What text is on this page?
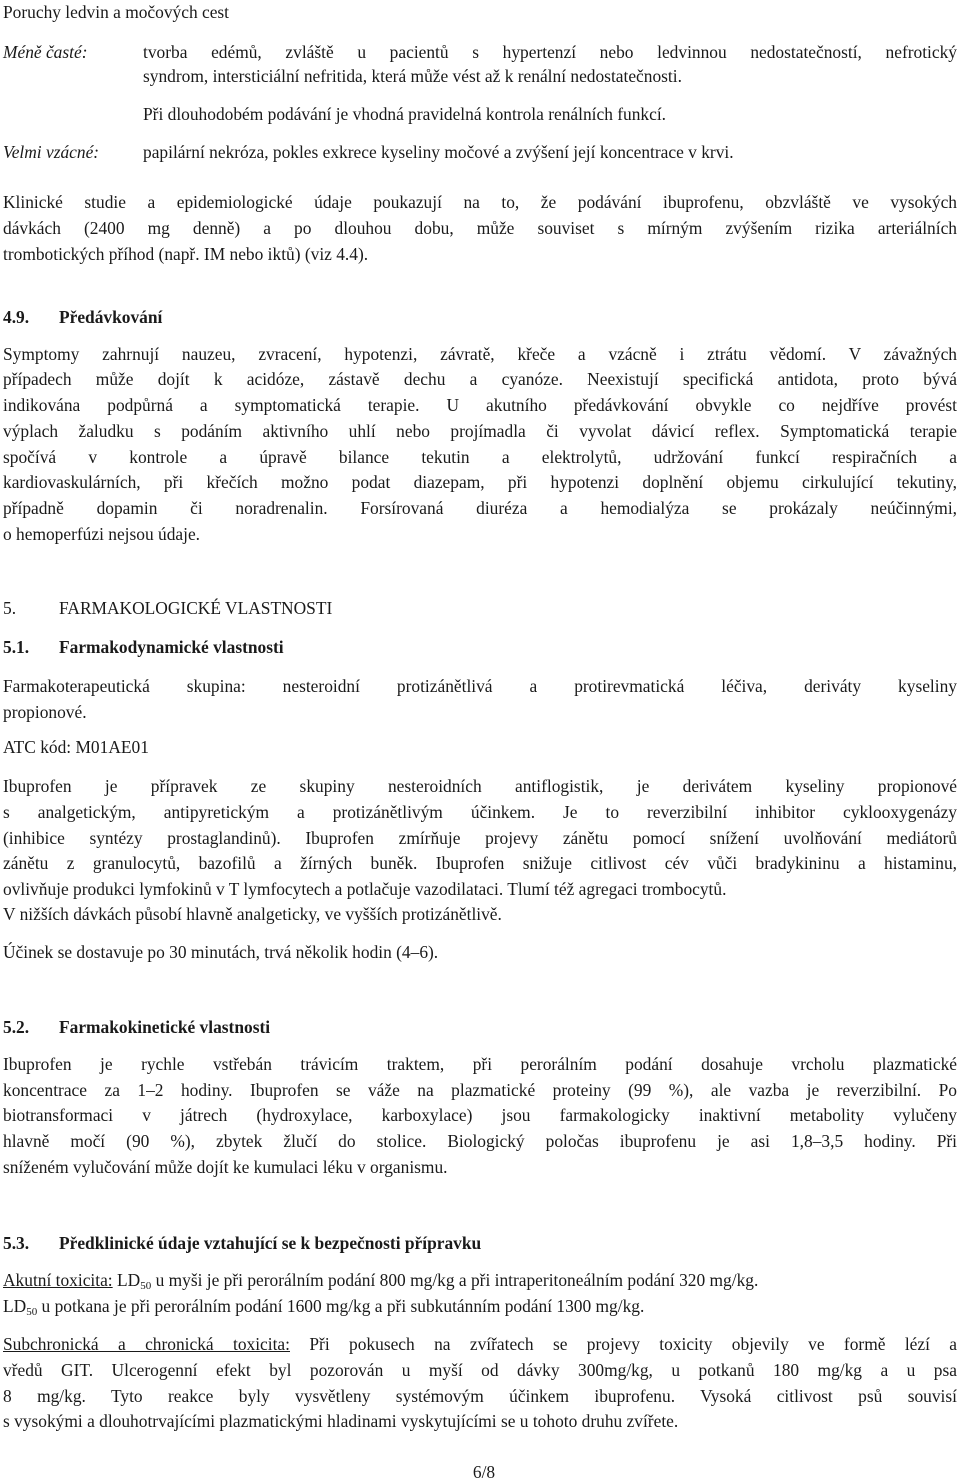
Poruchy ledvin a močových cest
Méně časté:	tvorba edémů, zvláště u pacientů s hypertenzí nebo ledvinnou nedostatečností, nefrotický
syndrom, intersticiální nefritida, která může vést až k renální nedostatečnosti.
Při dlouhodobém podávání je vhodná pravidelná kontrola renálních funkcí.
Velmi vzácné:	papilární nekróza, pokles exkrece kyseliny močové a zvýšení její koncentrace v krvi.
Klinické studie a epidemiologické údaje poukazují na to, že podávání ibuprofenu, obzvláště ve vysokých
dávkách (2400 mg denně) a po dlouhou dobu, může souviset s mírným zvýšením rizika arteriálních
trombotických příhod (např. IM nebo iktů) (viz 4.4).
4.9. Předávkování
Symptomy zahrnují nauzeu, zvracení, hypotenzi, závratě, křeče a vzácně i ztrátu vědomí. V závažných
případech může dojít k acidóze, zástavě dechu a cyanóze. Neexistují specifická antidota, proto bývá
indikována podpůrná a symptomatická terapie. U akutního předávkování obvykle co nejdříve provést
výplach žaludku s podáním aktivního uhlí nebo projímadla či vyvolat dávicí reflex. Symptomatická terapie
spočívá v kontrole a úpravě bilance tekutin a elektrolytů, udržování funkcí respiračních a
kardiovaskulárních, při křečích možno podat diazepam, při hypotenzi doplnění objemu cirkulující tekutiny,
případně dopamin či noradrenalin. Forsírovaná diuréza a hemodialýza se prokázaly neúčinnými,
o hemoperfúzi nejsou údaje.
5. FARMAKOLOGICKÉ VLASTNOSTI
5.1. Farmakodynamické vlastnosti
Farmakoterapeutická skupina: nesteroidní protizánětlivá a protirevmatická léčiva, deriváty kyseliny
propionové.
ATC kód: M01AE01
Ibuprofen je přípravek ze skupiny nesteroidních antiflogistik, je derivátem kyseliny propionové
s analgetickým, antipyretickým a protizánětlivým účinkem. Je to reverzibilní inhibitor cyklooxygenázy
(inhibice syntézy prostaglandinů). Ibuprofen zmírňuje projevy zánětu pomocí snížení uvolňování mediátorů
zánětu z granulocytů, bazofilů a žírných buněk. Ibuprofen snižuje citlivost cév vůči bradykininu a histaminu,
ovlivňuje produkci lymfokinů v T lymfocytech a potlačuje vazodilataci. Tlumí též agregaci trombocytů.
V nižších dávkách působí hlavně analgeticky, ve vyšších protizánětlivě.
Účinek se dostavuje po 30 minutách, trvá několik hodin (4–6).
5.2. Farmakokinetické vlastnosti
Ibuprofen je rychle vstřebán trávicím traktem, při perorálním podání dosahuje vrcholu plazmatické
koncentrace za 1–2 hodiny. Ibuprofen se váže na plazmatické proteiny (99 %), ale vazba je reverzibilní. Po
biotransformaci v játrech (hydroxylace, karboxylace) jsou farmakologicky inaktivní metabolity vylučeny
hlavně močí (90 %), zbytek žlučí do stolice. Biologický poločas ibuprofenu je asi 1,8–3,5 hodiny. Při
sníženém vylučování může dojít ke kumulaci léku v organismu.
5.3. Předklinické údaje vztahující se k bezpečnosti přípravku
Akutní toxicita: $LD_{50}$ u myši je při perorálním podání 800 mg/kg a při intraperitoneálním podání 320 mg/kg.
$LD_{50}$ u potkana je při perorálním podání 1600 mg/kg a při subkutánním podání 1300 mg/kg.
Subchronická a chronická toxicita: Při pokusech na zvířatech se projevy toxicity objevily ve formě lézí a
vředů GIT. Ulcerogenní efekt byl pozorován u myší od dávky 300mg/kg, u potkanů 180 mg/kg a u psa
8 mg/kg. Tyto reakce byly vysvětleny systémovým účinkem ibuprofenu. Vysoká citlivost psů souvisí
s vysokými a dlouhotrvajícími plazmatickými hladinami vyskytujícími se u tohoto druhu zvířete.
6/8
